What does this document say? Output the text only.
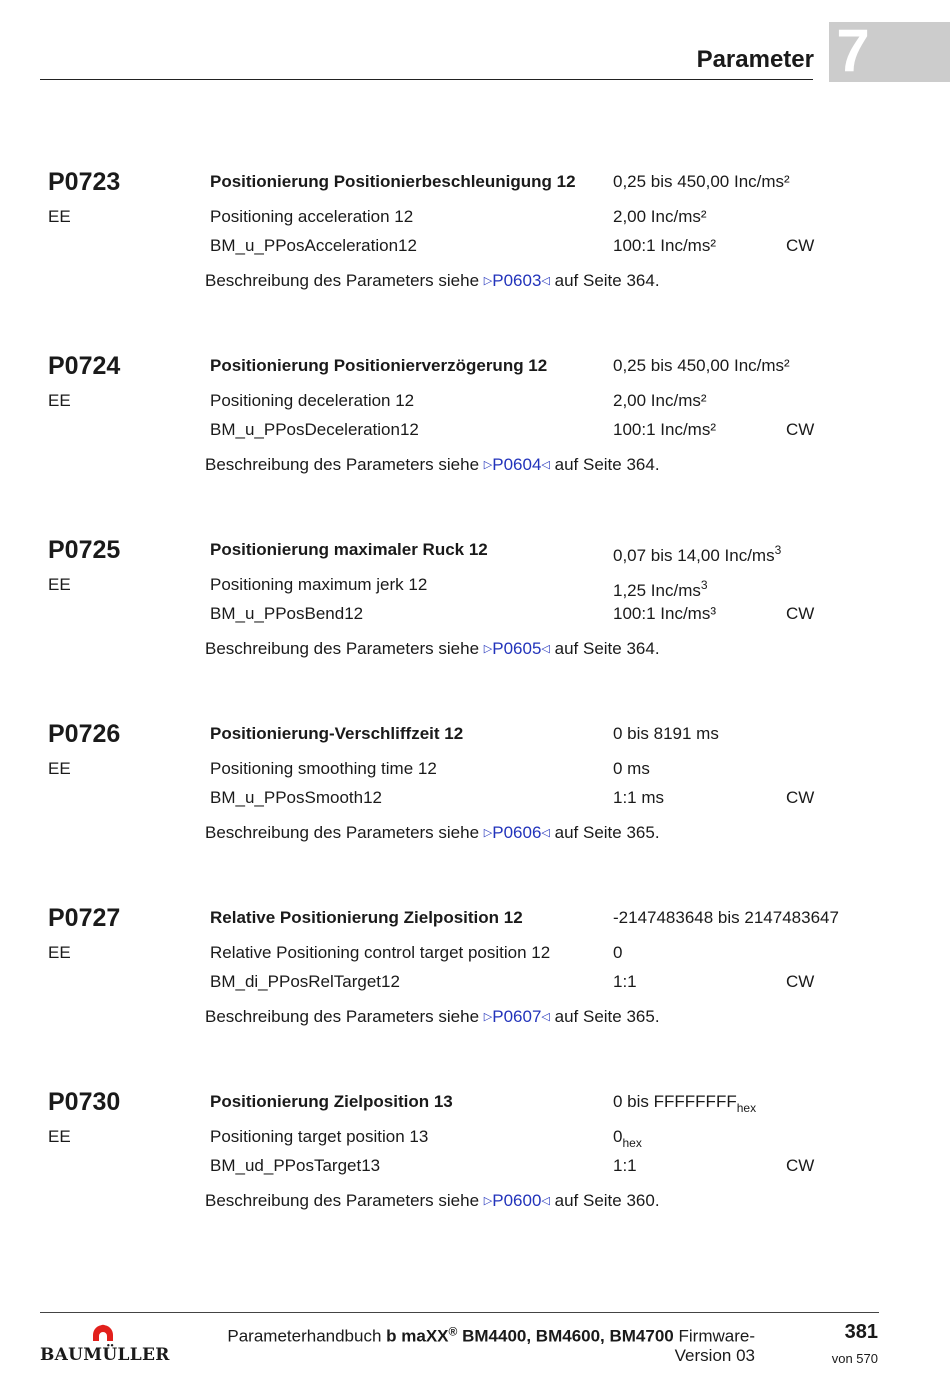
Parameter 7
P0723
EE
Positionierung Positionierbeschleunigung 12 0,25 bis 450,00 Inc/ms²
Positioning acceleration 12	2,00 Inc/ms²
BM_u_PPosAcceleration12	100:1 Inc/ms²	CW
Beschreibung des Parameters siehe ▷P0603◁ auf Seite 364.
P0724
EE
Positionierung Positionierverzögerung 12	0,25 bis 450,00 Inc/ms²
Positioning deceleration 12	2,00 Inc/ms²
BM_u_PPosDeceleration12	100:1 Inc/ms²	CW
Beschreibung des Parameters siehe ▷P0604◁ auf Seite 364.
P0725
EE
Positionierung maximaler Ruck 12	0,07 bis 14,00 Inc/$ms^3$
Positioning maximum jerk 12	1,25 Inc/$ms^3$
BM_u_PPosBend12	100:1 Inc/ms³	CW
Beschreibung des Parameters siehe ▷P0605◁ auf Seite 364.
P0726
EE
Positionierung-Verschliffzeit 12	0 bis 8191 ms
Positioning smoothing time 12	0 ms
BM_u_PPosSmooth12	1:1 ms	CW
Beschreibung des Parameters siehe ▷P0606◁ auf Seite 365.
P0727
EE
Relative Positionierung Zielposition 12	-2147483648 bis 2147483647
Relative Positioning control target position 12	0
BM_di_PPosRelTarget12	1:1	CW
Beschreibung des Parameters siehe ▷P0607◁ auf Seite 365.
P0730
EE
Positionierung Zielposition 13	0 bis $FFFFFFFF_{hex}$
Positioning target position 13	$0_{hex}$
BM_ud_PPosTarget13	1:1	CW
Beschreibung des Parameters siehe ▷P0600◁ auf Seite 360.
BAUMÜLLER
Parameterhandbuch b maXX® BM4400, BM4600, BM4700 Firmware-
Version 03
381
von 570
